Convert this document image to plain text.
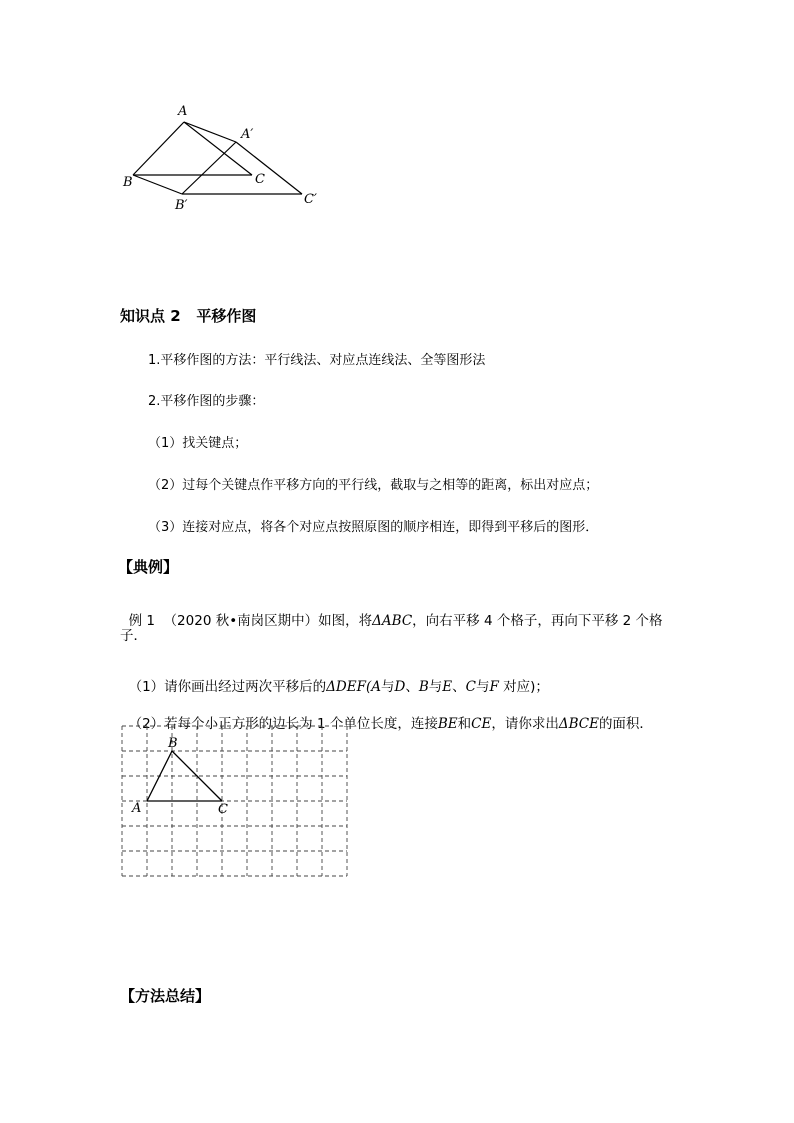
A
A′
B	C
B′	C′
知识点 2   平移作图
1.平移作图的方法：平行线法、对应点连线法、全等图形法
2.平移作图的步骤：
（1）找关键点；
（2）过每个关键点作平移方向的平行线，截取与之相等的距离，标出对应点；
（3）连接对应点，将各个对应点按照原图的顺序相连，即得到平移后的图形．
【典例】

例 1  （2020 秋•南岗区期中）如图，将ΔABC，向右平移 4 个格子，再向下平移 2 个格

子．

（1）请你画出经过两次平移后的ΔDEF(A与D、B与E、C与F 对应)；

（2）若每个小正方形的边长为 1 个单位长度，连接BE和CE，请你求出ΔBCE的面积．

B
A	C
【方法总结】
